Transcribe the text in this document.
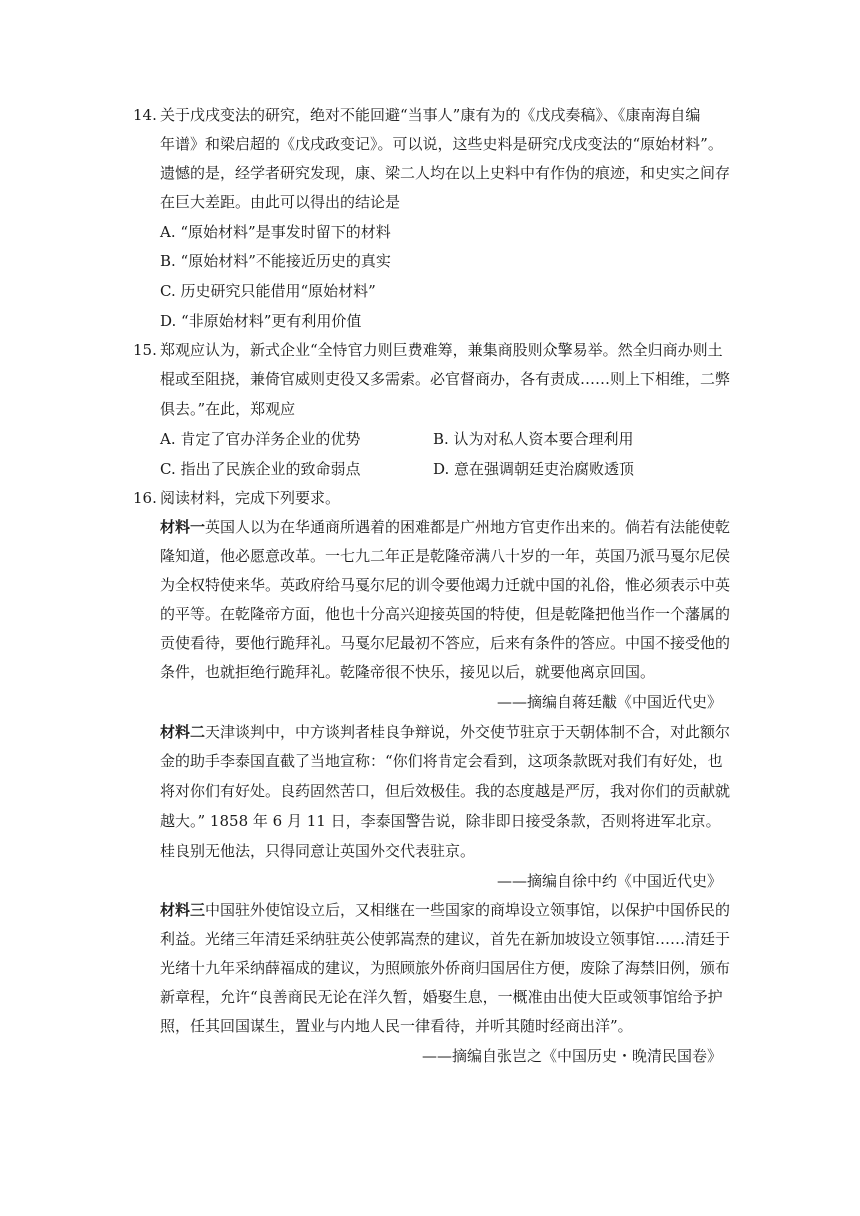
14. 关于戊戌变法的研究，绝对不能回避“当事人”康有为的《戊戌奏稿》、《康南海自编
年谱》和梁启超的《戊戌政变记》。可以说，这些史料是研究戊戌变法的“原始材料”。
遗憾的是，经学者研究发现，康、梁二人均在以上史料中有作伪的痕迹，和史实之间存
在巨大差距。由此可以得出的结论是
A. “原始材料”是事发时留下的材料
B. “原始材料”不能接近历史的真实
C. 历史研究只能借用“原始材料”
D. “非原始材料”更有利用价值
15. 郑观应认为，新式企业“全恃官力则巨费难筹，兼集商股则众擎易举。然全归商办则土
棍或至阻挠，兼倚官威则吏役又多需索。必官督商办，各有责成……则上下相维，二弊
俱去。”在此，郑观应
A. 肯定了官办洋务企业的优势	B. 认为对私人资本要合理利用
C. 指出了民族企业的致命弱点	D. 意在强调朝廷吏治腐败透顶
16. 阅读材料，完成下列要求。
材料一英国人以为在华通商所遇着的困难都是广州地方官吏作出来的。倘若有法能使乾
隆知道，他必愿意改革。一七九二年正是乾隆帝满八十岁的一年，英国乃派马戛尔尼侯
为全权特使来华。英政府给马戛尔尼的训令要他竭力迁就中国的礼俗，惟必须表示中英
的平等。在乾隆帝方面，他也十分高兴迎接英国的特使，但是乾隆把他当作一个藩属的
贡使看待，要他行跪拜礼。马戛尔尼最初不答应，后来有条件的答应。中国不接受他的
条件，也就拒绝行跪拜礼。乾隆帝很不快乐，接见以后，就要他离京回国。
——摘编自蒋廷黻《中国近代史》
材料二天津谈判中，中方谈判者桂良争辩说，外交使节驻京于天朝体制不合，对此额尔
金的助手李泰国直截了当地宣称：“你们将肯定会看到，这项条款既对我们有好处，也
将对你们有好处。良药固然苦口，但后效极佳。我的态度越是严厉，我对你们的贡献就
越大。” 1858 年 6 月 11 日，李泰国警告说，除非即日接受条款，否则将进军北京。
桂良别无他法，只得同意让英国外交代表驻京。
——摘编自徐中约《中国近代史》
材料三中国驻外使馆设立后，又相继在一些国家的商埠设立领事馆，以保护中国侨民的
利益。光绪三年清廷采纳驻英公使郭嵩焘的建议，首先在新加坡设立领事馆……清廷于
光绪十九年采纳薛福成的建议，为照顾旅外侨商归国居住方便，废除了海禁旧例，颁布
新章程，允许“良善商民无论在洋久暂，婚娶生息，一概准由出使大臣或领事馆给予护
照，任其回国谋生，置业与内地人民一律看待，并听其随时经商出洋”。
——摘编自张岂之《中国历史・晚清民国卷》
